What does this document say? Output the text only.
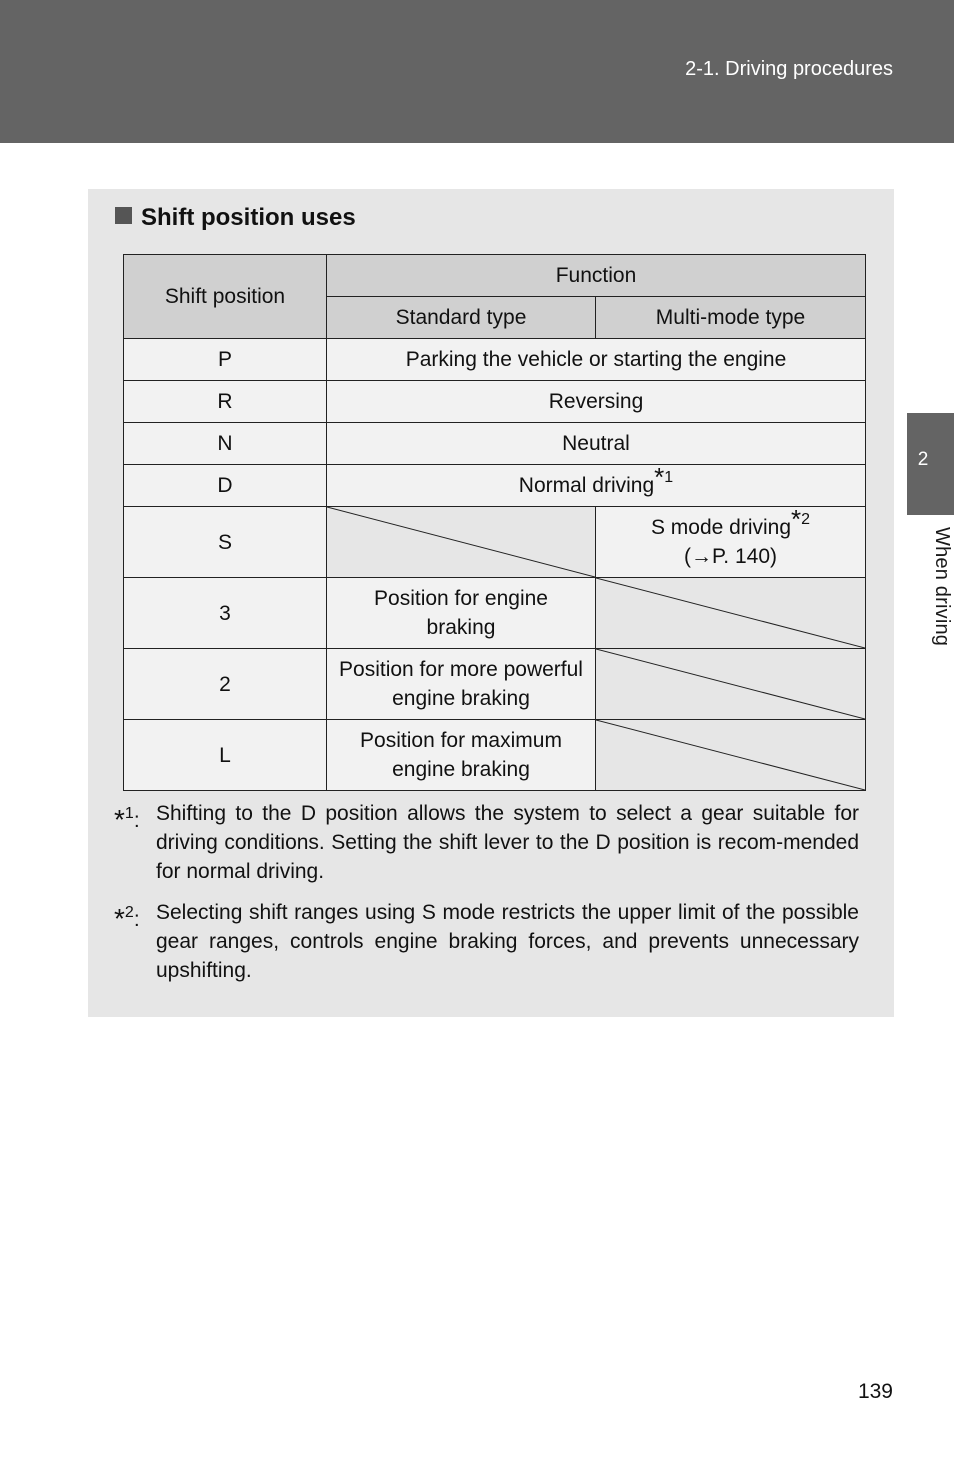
2-1. Driving procedures
2
When driving
Shift position uses
Shift position	Function	
	Standard type	Multi-mode type
P	Parking the vehicle or starting the engine	
R	Reversing	
N	Neutral	
D	Normal driving$^{*1}$
S		S mode driving$^{*2}$
(→P. 140)
3	Position for engine braking

2	Position for more powerful engine braking

L	Position for maximum engine braking

*$^1$: Shifting to the D position allows the system to select a gear suitable for driving conditions. Setting the shift lever to the D position is recom-mended for normal driving.
*$^2$: Selecting shift ranges using S mode restricts the upper limit of the possible gear ranges, controls engine braking forces, and prevents unnecessary upshifting.
139
